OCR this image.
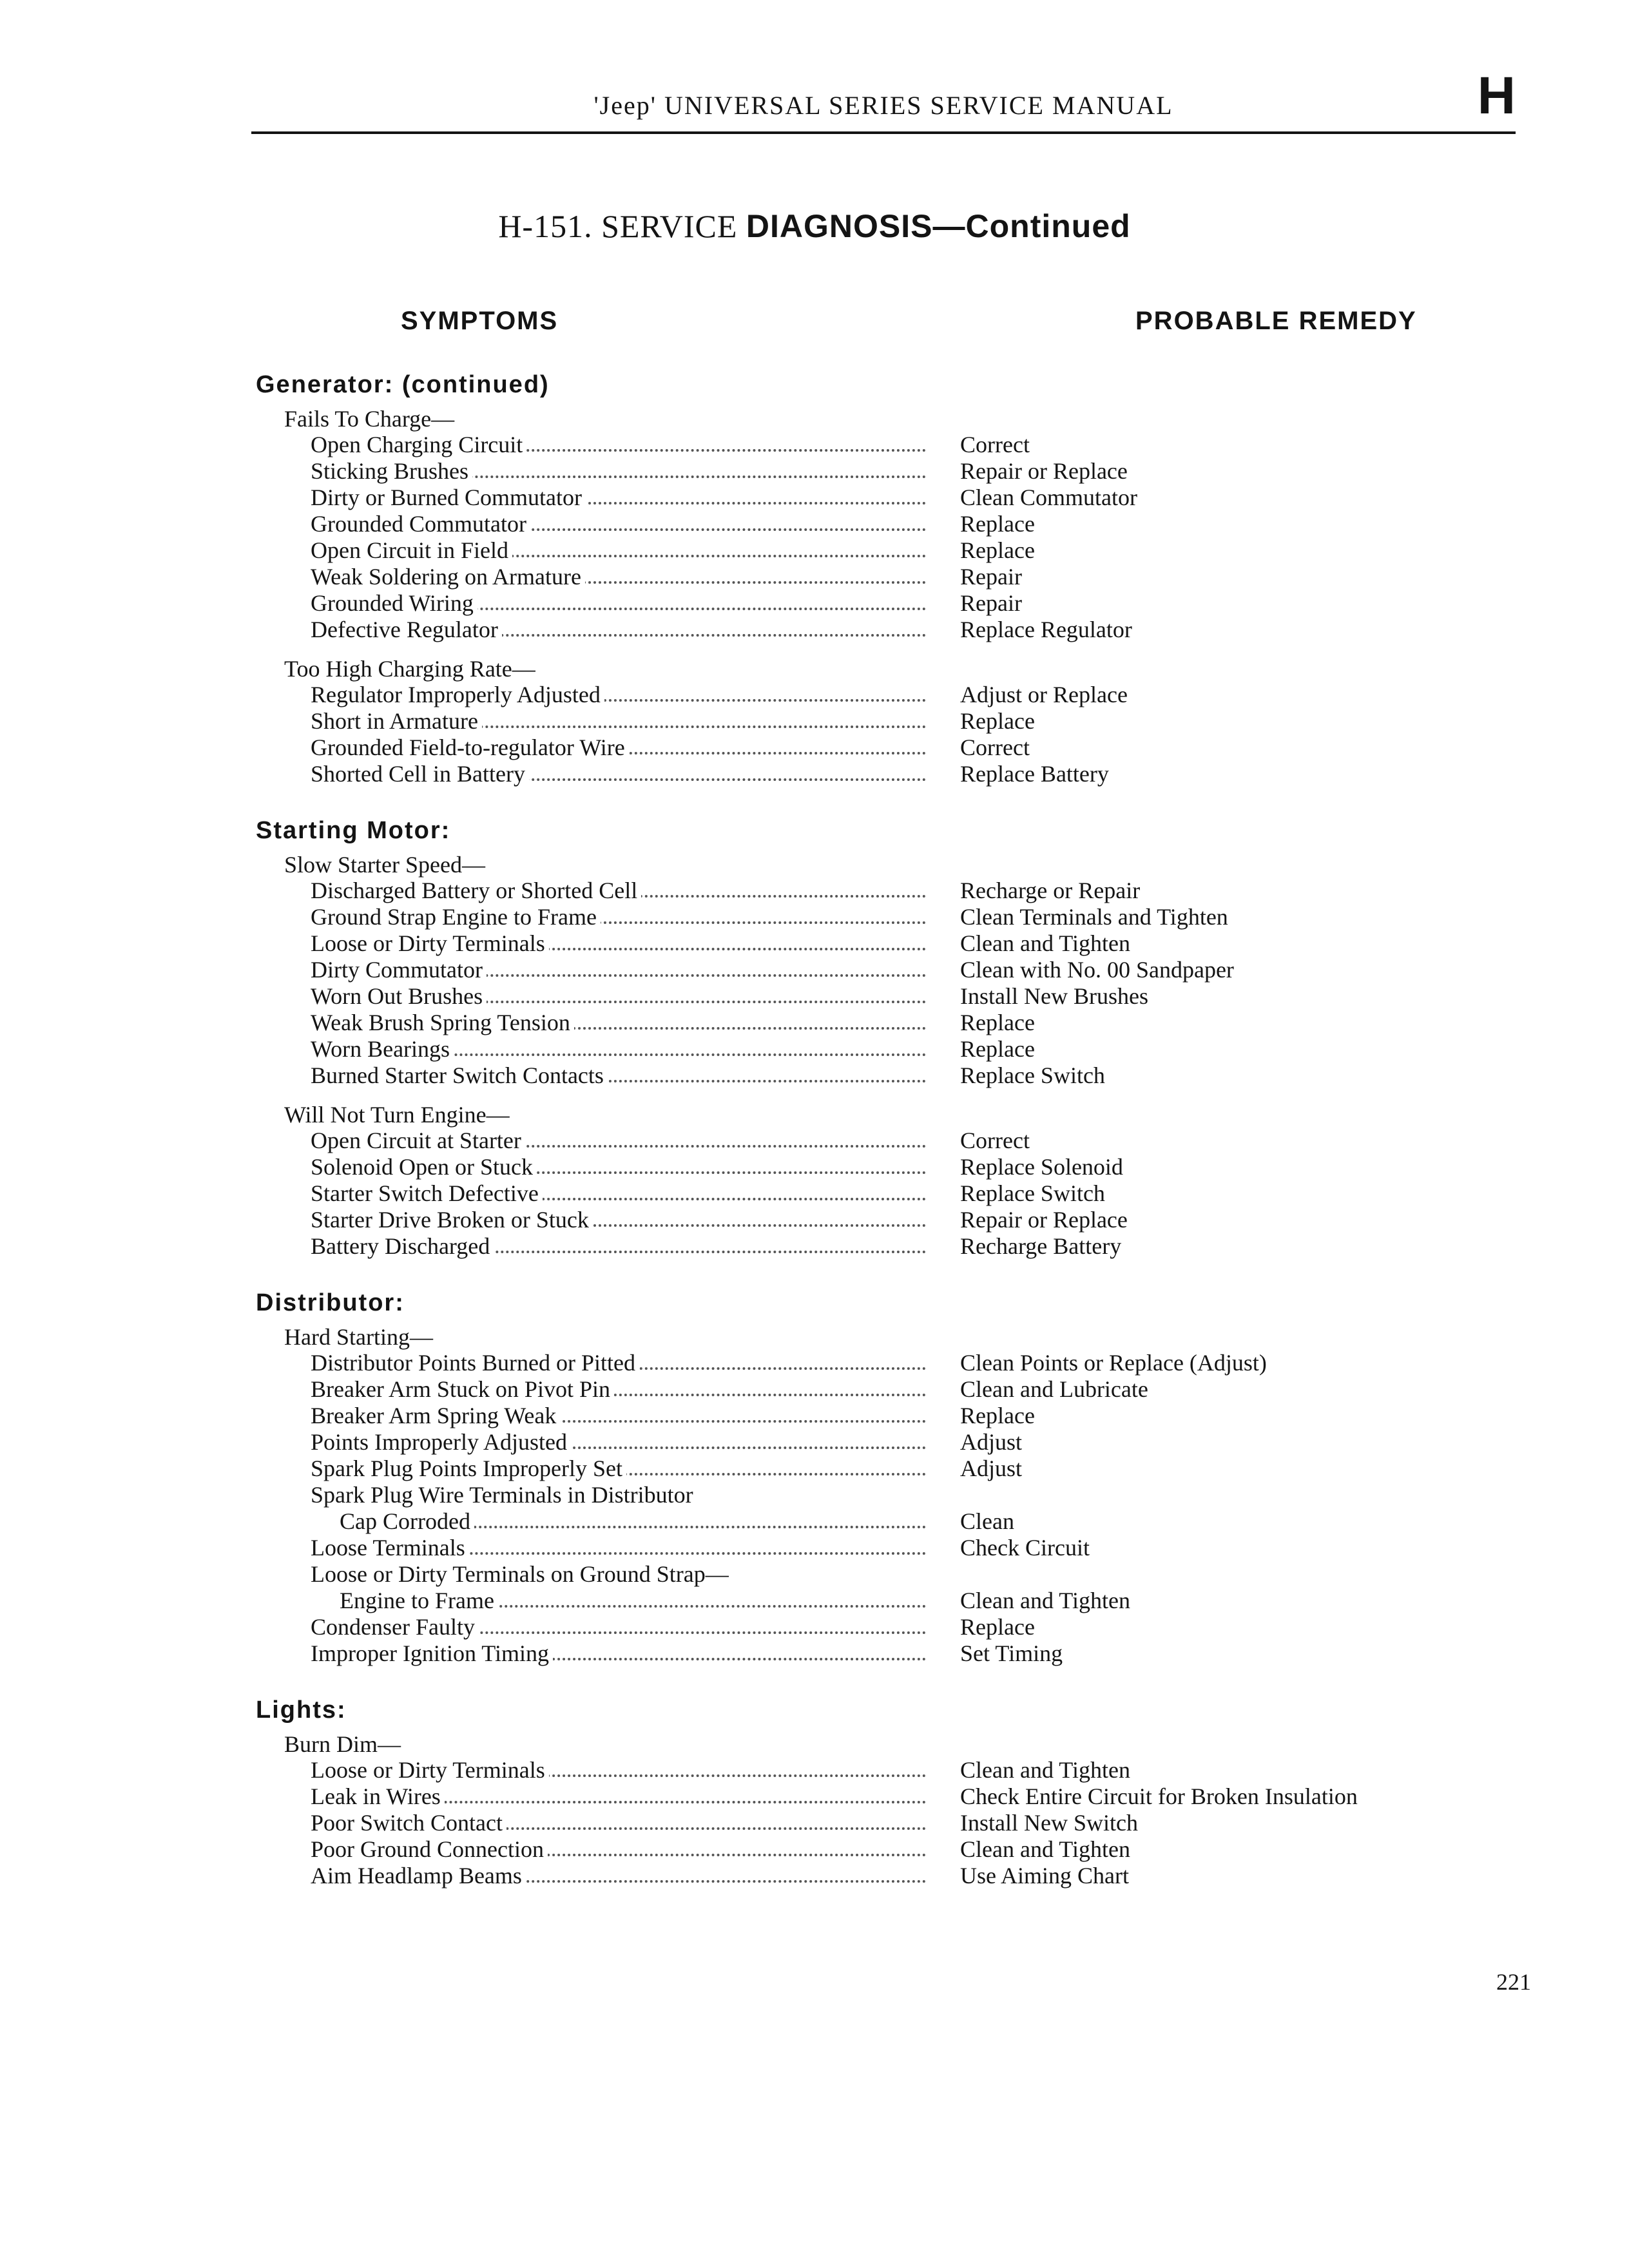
'Jeep' UNIVERSAL SERIES SERVICE MANUAL	H
H-151. SERVICE DIAGNOSIS—Continued
SYMPTOMS	PROBABLE REMEDY
Generator: (continued)
Fails To Charge—
Open Charging Circuit	Correct
Sticking Brushes	Repair or Replace
Dirty or Burned Commutator	Clean Commutator
Grounded Commutator	Replace
Open Circuit in Field	Replace
Weak Soldering on Armature	Repair
Grounded Wiring	Repair
Defective Regulator	Replace Regulator
Too High Charging Rate—
Regulator Improperly Adjusted	Adjust or Replace
Short in Armature	Replace
Grounded Field-to-regulator Wire	Correct
Shorted Cell in Battery	Replace Battery
Starting Motor:
Slow Starter Speed—
Discharged Battery or Shorted Cell	Recharge or Repair
Ground Strap Engine to Frame	Clean Terminals and Tighten
Loose or Dirty Terminals	Clean and Tighten
Dirty Commutator	Clean with No. 00 Sandpaper
Worn Out Brushes	Install New Brushes
Weak Brush Spring Tension	Replace
Worn Bearings	Replace
Burned Starter Switch Contacts	Replace Switch
Will Not Turn Engine—
Open Circuit at Starter	Correct
Solenoid Open or Stuck	Replace Solenoid
Starter Switch Defective	Replace Switch
Starter Drive Broken or Stuck	Repair or Replace
Battery Discharged	Recharge Battery
Distributor:
Hard Starting—
Distributor Points Burned or Pitted	Clean Points or Replace (Adjust)
Breaker Arm Stuck on Pivot Pin	Clean and Lubricate
Breaker Arm Spring Weak	Replace
Points Improperly Adjusted	Adjust
Spark Plug Points Improperly Set	Adjust
Spark Plug Wire Terminals in Distributor
Cap Corroded	Clean
Loose Terminals	Check Circuit
Loose or Dirty Terminals on Ground Strap—
Engine to Frame	Clean and Tighten
Condenser Faulty	Replace
Improper Ignition Timing	Set Timing
Lights:
Burn Dim—
Loose or Dirty Terminals	Clean and Tighten
Leak in Wires	Check Entire Circuit for Broken Insulation
Poor Switch Contact	Install New Switch
Poor Ground Connection	Clean and Tighten
Aim Headlamp Beams	Use Aiming Chart
221
